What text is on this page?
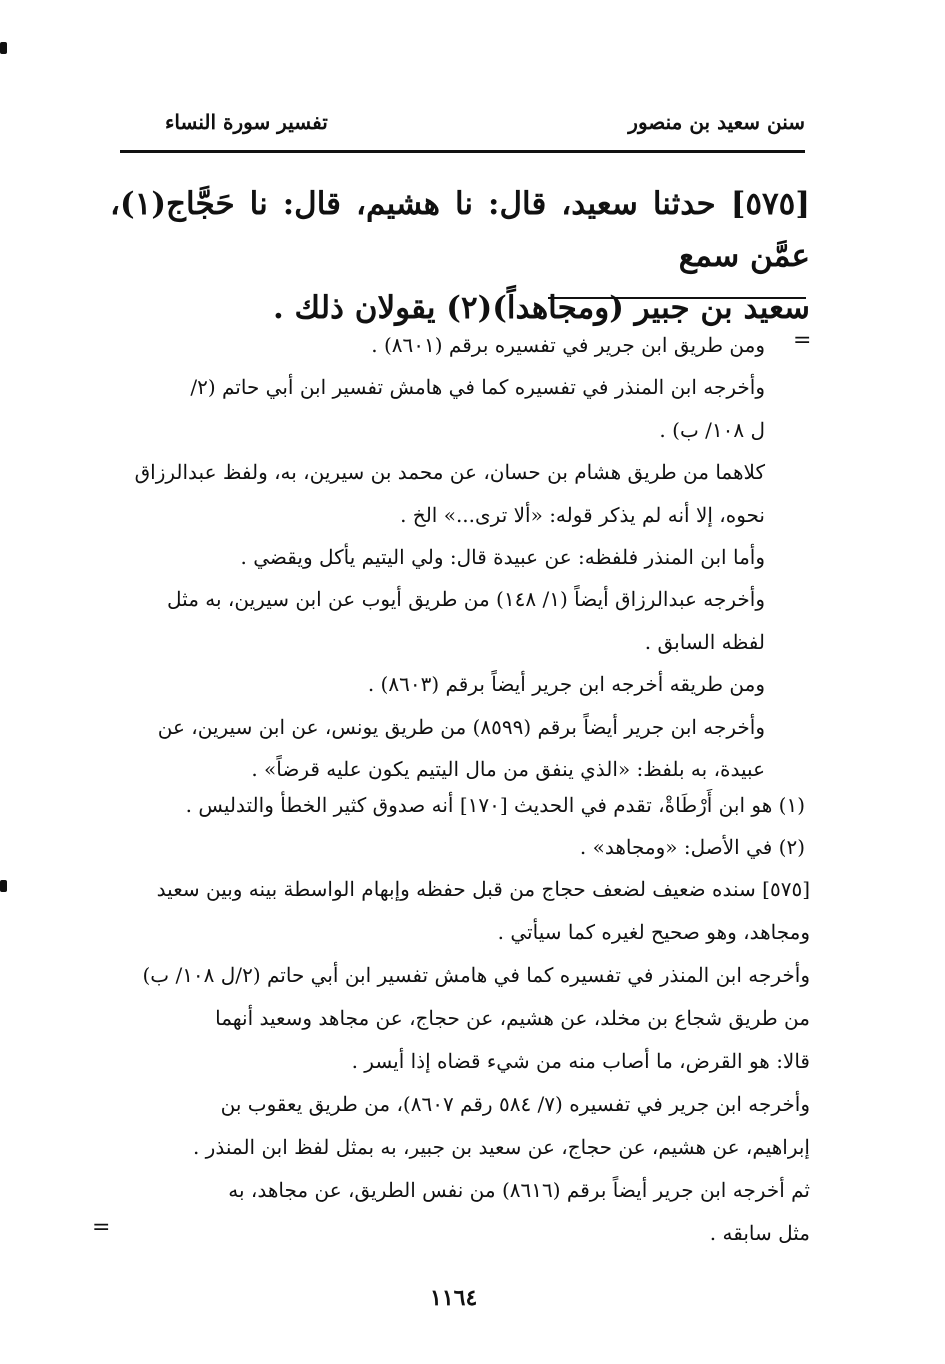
سنن سعيد بن منصور
تفسير سورة النساء

[٥٧٥] حدثنا سعيد، قال: نا هشيم، قال: نا حَجَّاج(١)، عمَّن سمع

سعيد بن جبير (ومجاهداً)(٢) يقولان ذلك .

=

ومن طريق ابن جرير في تفسيره برقم (٨٦٠١) .

وأخرجه ابن المنذر في تفسيره كما في هامش تفسير ابن أبي حاتم (٢/

ل ١٠٨/ ب) .

كلاهما من طريق هشام بن حسان، عن محمد بن سيرين، به، ولفظ عبدالرزاق

نحوه، إلا أنه لم يذكر قوله: «ألا ترى...» الخ .

وأما ابن المنذر فلفظه: عن عبيدة قال: ولي اليتيم يأكل ويقضي .

وأخرجه عبدالرزاق أيضاً (١/ ١٤٨) من طريق أيوب عن ابن سيرين، به مثل

لفظه السابق .

ومن طريقه أخرجه ابن جرير أيضاً برقم (٨٦٠٣) .

وأخرجه ابن جرير أيضاً برقم (٨٥٩٩) من طريق يونس، عن ابن سيرين، عن

عبيدة، به بلفظ: «الذي ينفق من مال اليتيم يكون عليه قرضاً» .

(١) هو ابن أَرْطَاةْ، تقدم في الحديث [١٧٠] أنه صدوق كثير الخطأ والتدليس .

(٢) في الأصل: «ومجاهد» .

[٥٧٥] سنده ضعيف لضعف حجاج من قبل حفظه وإبهام الواسطة بينه وبين سعيد

ومجاهد، وهو صحيح لغيره كما سيأتي .

وأخرجه ابن المنذر في تفسيره كما في هامش تفسير ابن أبي حاتم (٢/ل ١٠٨/ ب)

من طريق شجاع بن مخلد، عن هشيم، عن حجاج، عن مجاهد وسعيد أنهما

قالا: هو القرض، ما أصاب منه من شيء قضاه إذا أيسر .

وأخرجه ابن جرير في تفسيره (٧/ ٥٨٤ رقم ٨٦٠٧)، من طريق يعقوب بن

إبراهيم، عن هشيم، عن حجاج، عن سعيد بن جبير، به بمثل لفظ ابن المنذر .

ثم أخرجه ابن جرير أيضاً برقم (٨٦١٦) من نفس الطريق، عن مجاهد، به

مثل سابقه .

=
١١٦٤
